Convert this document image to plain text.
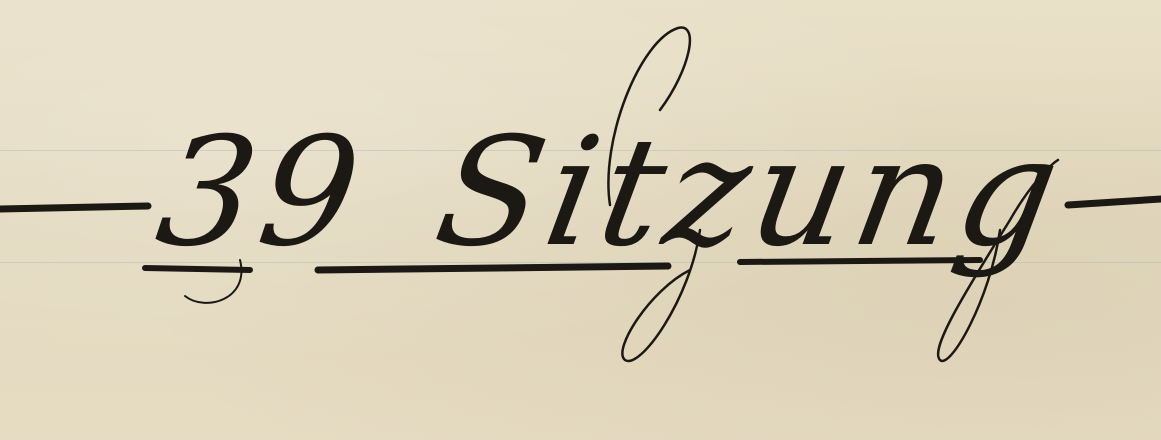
39 Sitzung
